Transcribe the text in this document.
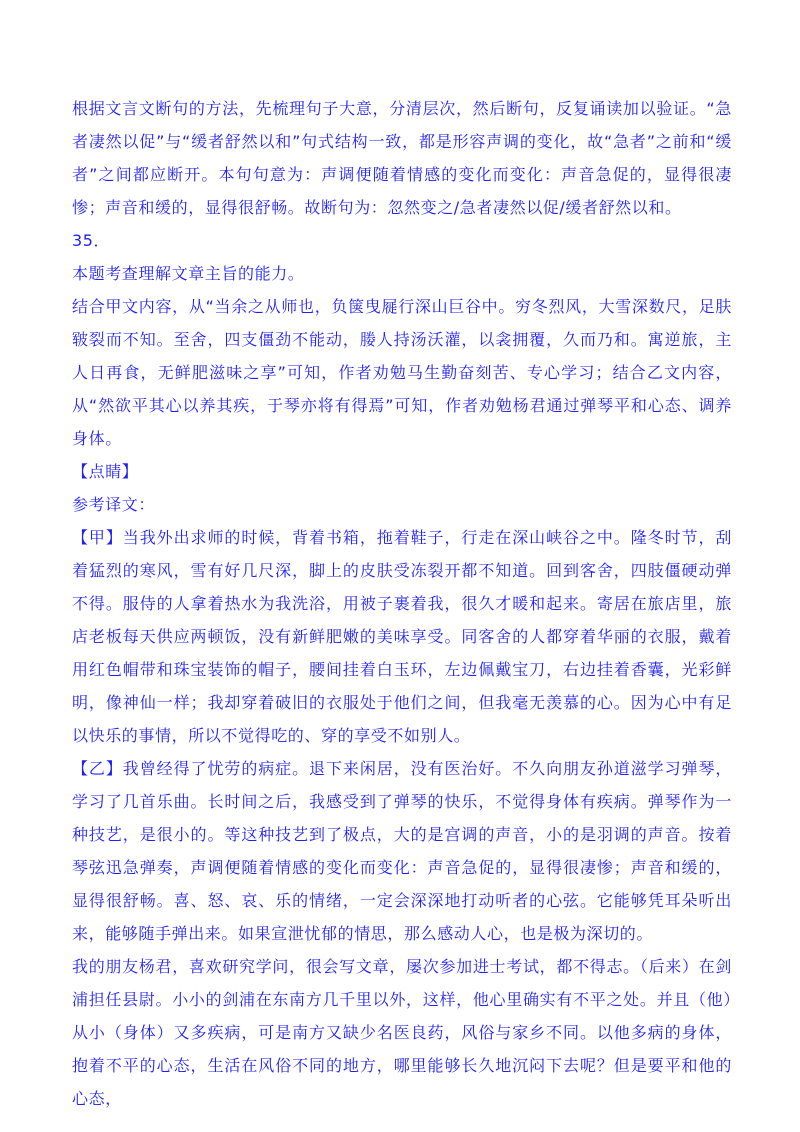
根据文言文断句的方法，先梳理句子大意，分清层次，然后断句，反复诵读加以验证。“急者凄然以促”与“缓者舒然以和”句式结构一致，都是形容声调的变化，故“急者”之前和“缓者”之间都应断开。本句句意为：声调便随着情感的变化而变化：声音急促的，显得很凄惨；声音和缓的，显得很舒畅。故断句为：忽然变之/急者凄然以促/缓者舒然以和。

35．

本题考查理解文章主旨的能力。

结合甲文内容，从“当余之从师也，负箧曳屣行深山巨谷中。穷冬烈风，大雪深数尺，足肤皲裂而不知。至舍，四支僵劲不能动，媵人持汤沃灌，以衾拥覆，久而乃和。寓逆旅，主人日再食，无鲜肥滋味之享”可知，作者劝勉马生勤奋刻苦、专心学习；结合乙文内容，从“然欲平其心以养其疾，于琴亦将有得焉”可知，作者劝勉杨君通过弹琴平和心态、调养身体。

【点睛】

参考译文：

【甲】当我外出求师的时候，背着书箱，拖着鞋子，行走在深山峡谷之中。隆冬时节，刮着猛烈的寒风，雪有好几尺深，脚上的皮肤受冻裂开都不知道。回到客舍，四肢僵硬动弹不得。服侍的人拿着热水为我洗浴，用被子裹着我，很久才暖和起来。寄居在旅店里，旅店老板每天供应两顿饭，没有新鲜肥嫩的美味享受。同客舍的人都穿着华丽的衣服，戴着用红色帽带和珠宝装饰的帽子，腰间挂着白玉环，左边佩戴宝刀，右边挂着香囊，光彩鲜明，像神仙一样；我却穿着破旧的衣服处于他们之间，但我毫无羡慕的心。因为心中有足以快乐的事情，所以不觉得吃的、穿的享受不如别人。

【乙】我曾经得了忧劳的病症。退下来闲居，没有医治好。不久向朋友孙道滋学习弹琴，学习了几首乐曲。长时间之后，我感受到了弹琴的快乐，不觉得身体有疾病。弹琴作为一种技艺，是很小的。等这种技艺到了极点，大的是宫调的声音，小的是羽调的声音。按着琴弦迅急弹奏，声调便随着情感的变化而变化：声音急促的，显得很凄惨；声音和缓的，显得很舒畅。喜、怒、哀、乐的情绪，一定会深深地打动听者的心弦。它能够凭耳朵听出来，能够随手弹出来。如果宣泄忧郁的情思，那么感动人心，也是极为深切的。

我的朋友杨君，喜欢研究学问，很会写文章，屡次参加进士考试，都不得志。（后来）在剑浦担任县尉。小小的剑浦在东南方几千里以外，这样，他心里确实有不平之处。并且（他）从小（身体）又多疾病，可是南方又缺少名医良药，风俗与家乡不同。以他多病的身体，抱着不平的心态，生活在风俗不同的地方，哪里能够长久地沉闷下去呢？但是要平和他的心态，
